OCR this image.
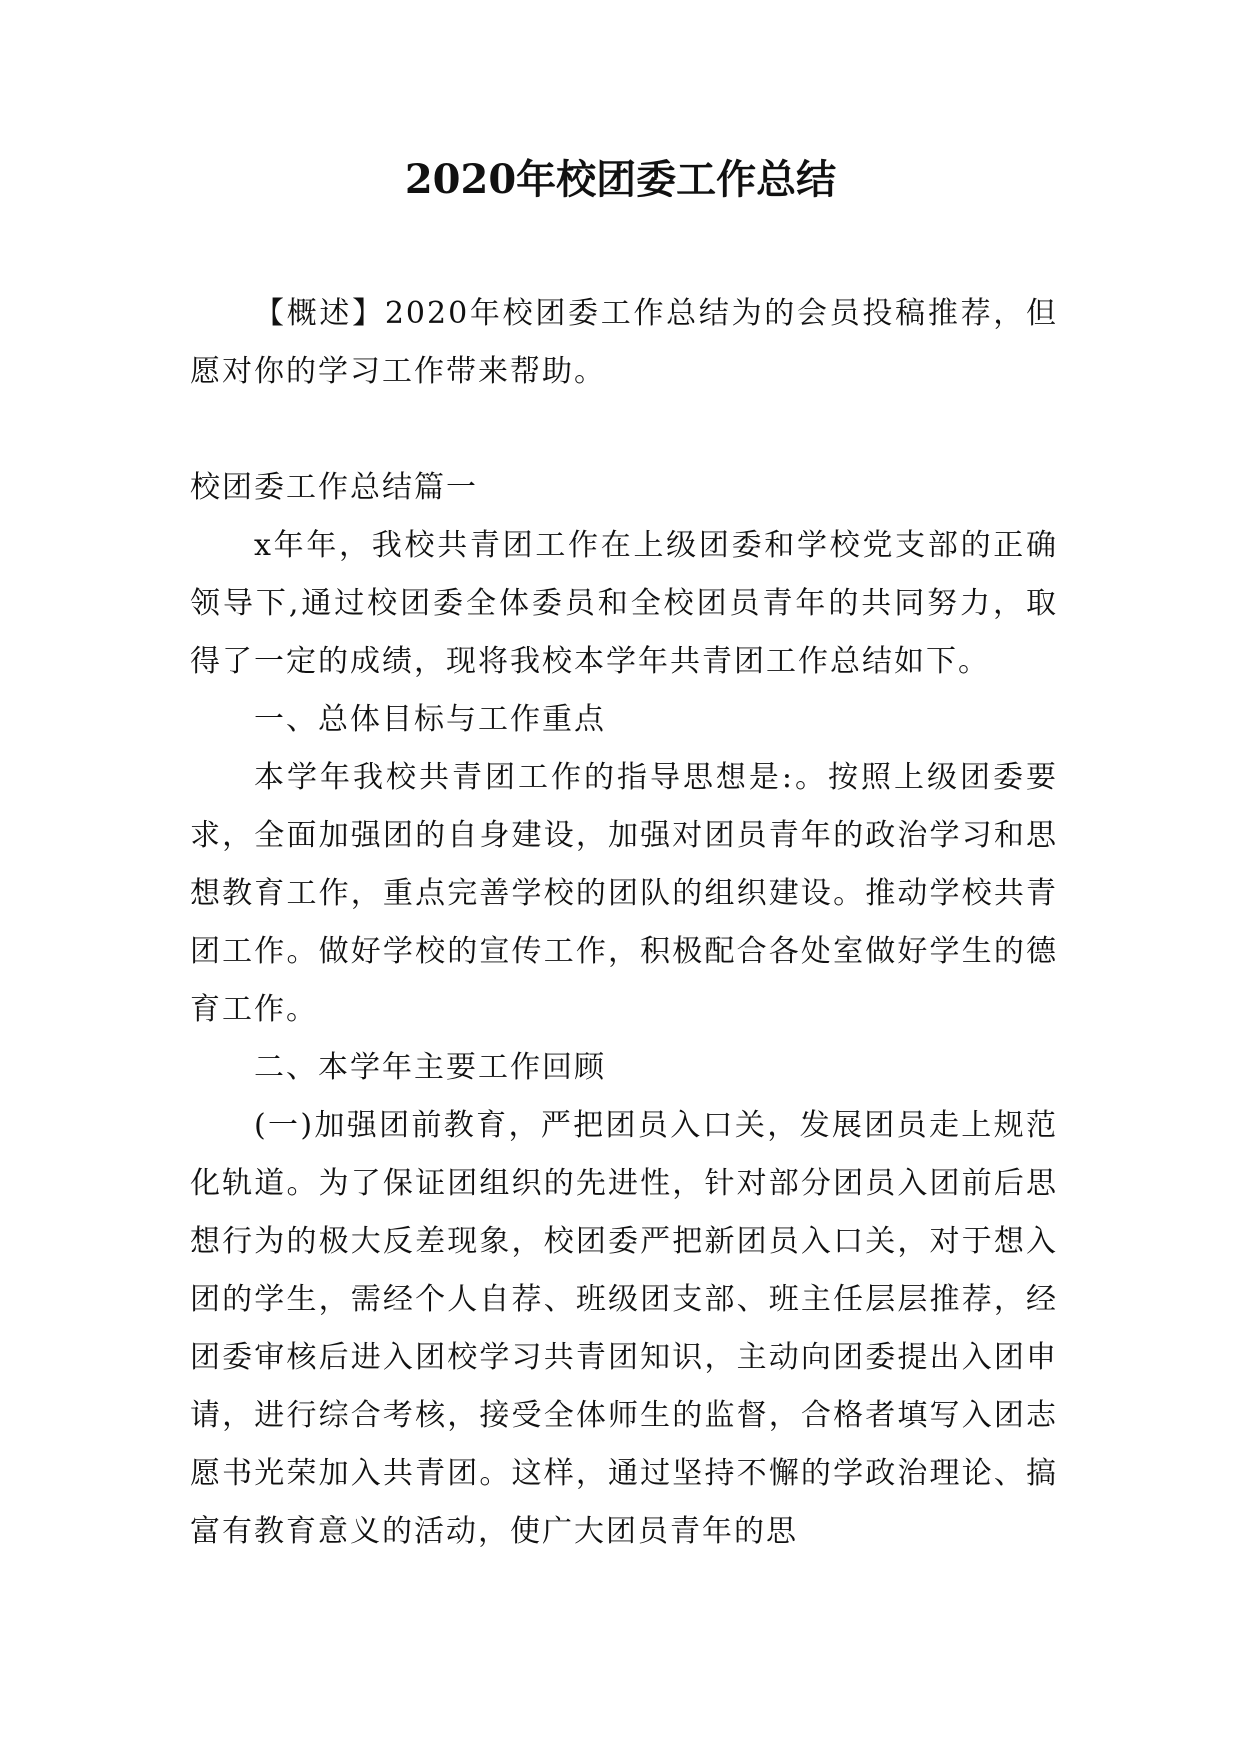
2020年校团委工作总结

【概述】2020年校团委工作总结为的会员投稿推荐，但愿对你的学习工作带来帮助。

校团委工作总结篇一

x年年，我校共青团工作在上级团委和学校党支部的正确领导下,通过校团委全体委员和全校团员青年的共同努力，取得了一定的成绩，现将我校本学年共青团工作总结如下。

一、总体目标与工作重点

本学年我校共青团工作的指导思想是:。按照上级团委要求，全面加强团的自身建设，加强对团员青年的政治学习和思想教育工作，重点完善学校的团队的组织建设。推动学校共青团工作。做好学校的宣传工作，积极配合各处室做好学生的德育工作。

二、本学年主要工作回顾

(一)加强团前教育，严把团员入口关，发展团员走上规范化轨道。为了保证团组织的先进性，针对部分团员入团前后思想行为的极大反差现象，校团委严把新团员入口关，对于想入团的学生，需经个人自荐、班级团支部、班主任层层推荐，经团委审核后进入团校学习共青团知识，主动向团委提出入团申请，进行综合考核，接受全体师生的监督，合格者填写入团志愿书光荣加入共青团。这样，通过坚持不懈的学政治理论、搞富有教育意义的活动，使广大团员青年的思
